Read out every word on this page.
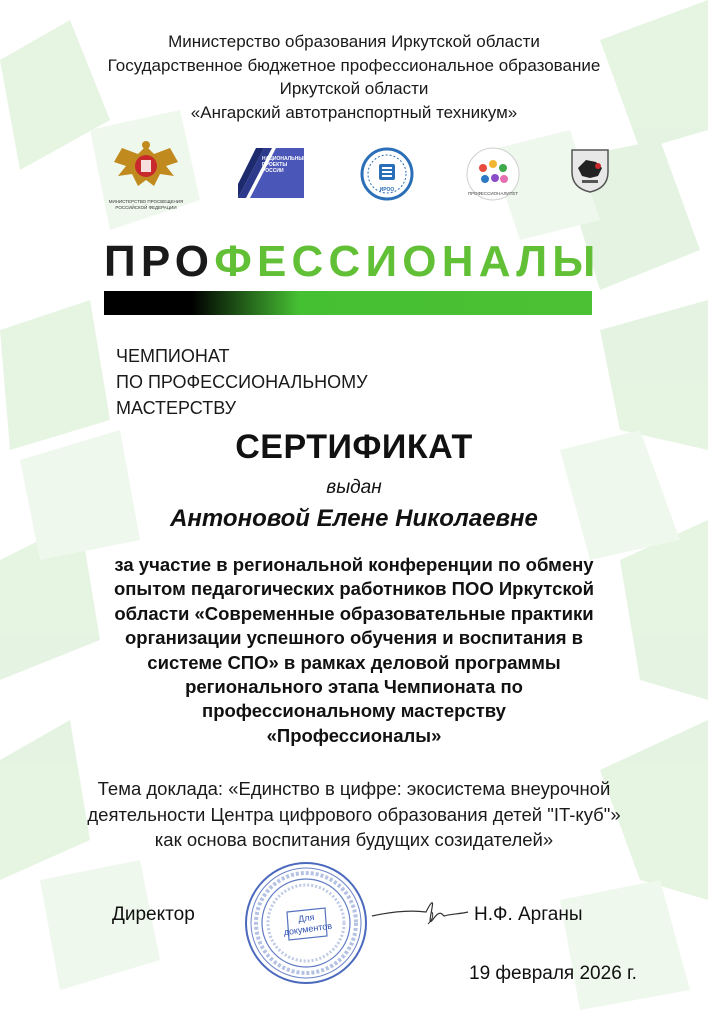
Министерство образования Иркутской области
Государственное бюджетное профессиональное образование
Иркутской области
«Ангарский автотранспортный техникум»
МИНИСТЕРСТВО ПРОСВЕЩЕНИЯ
РОССИЙСКОЙ ФЕДЕРАЦИИ
НАЦИОНАЛЬНЫЕ
ПРОЕКТЫ
РОССИИ
ИРОО
ПРОФЕССИОНАЛИТЕТ
ПРОФЕССИОНАЛЫ
ЧЕМПИОНАТ
ПО ПРОФЕССИОНАЛЬНОМУ
МАСТЕРСТВУ
СЕРТИФИКАТ
выдан
Антоновой Елене Николаевне
за участие в региональной конференции по обмену
опытом педагогических работников ПОО Иркутской
области «Современные образовательные практики
организации успешного обучения и воспитания в
системе СПО» в рамках деловой программы
регионального этапа Чемпионата по
профессиональному мастерству
«Профессионалы»
Тема доклада: «Единство в цифре: экосистема внеурочной
деятельности Центра цифрового образования детей "IT-куб"»
как основа воспитания будущих созидателей»
Для
документов
Директор	Н.Ф. Арганы
19 февраля 2026 г.
